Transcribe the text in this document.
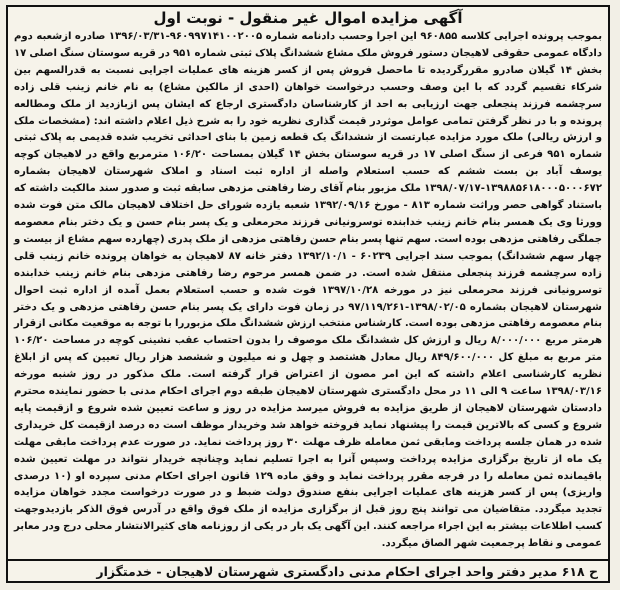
آگهی مزایده اموال غیر منقول - نوبت اول

بموجب پرونده اجرایی کلاسه ۹۶۰۸۵۵ این اجرا وحسب دادنامه شماره ۹۶۰۹۹۷۱۴۱۰۰۲۰۰۵-۱۳۹۶/۰۳/۳۱ صادره ازشعبه دوم دادگاه عمومی حقوقی لاهیجان دستور فروش ملک مشاع ششدانگ پلاک ثبتی شماره ۹۵۱ در قریه سوستان سنگ اصلی ۱۷ بخش ۱۴ گیلان صادرو مقررگردیده تا ماحصل فروش پس از کسر هزینه های عملیات اجرایی نسبت به قدرالسهم بین شرکاء تقسیم گردد که با این وصف وحسب درخواست خواهان (احدی از مالکین مشاع) به نام خانم زینب قلی زاده سرچشمه فرزند پنجعلی جهت ارزیابی به احد از کارشناسان دادگستری ارجاع که ایشان پس ازبازدید از ملک ومطالعه پرونده و با در نظر گرفتن تمامی عوامل موثردر قیمت گذاری نظریه خود را به شرح ذیل اعلام داشته اند: (مشخصات ملک و ارزش ریالی) ملک مورد مزایده عبارتست از ششدانگ یک قطعه زمین با بنای احداثی تخریب شده قدیمی به پلاک ثبتی شماره ۹۵۱ فرعی از سنگ اصلی ۱۷ در قریه سوستان بخش ۱۴ گیلان بمساحت ۱۰۶/۲۰ مترمربع واقع در لاهیجان کوچه یوسف آباد بن بست ششم که حسب استعلام واصله از اداره ثبت اسناد و املاک شهرستان لاهیجان بشماره ۱۳۹۸۸۵۶۱۸۰۰۰۵۰۰۰۶۷۲-۱۳۹۸/۰۷/۱۷ ملک مزبور بنام آقای رضا رفاهتی مزدهی سابقه ثبت و صدور سند مالکیت داشته که باستناد گواهی حصر وراثت شماره ۸۱۳ - مورخ ۱۳۹۲/۰۹/۱۶ شعبه یازده شورای حل اختلاف لاهیجان مالک متن فوت شده وورثا وی یک همسر بنام خانم زینب خدابنده توسرونیانی فرزند محرمعلی و یک پسر بنام حسن و یک دختر بنام معصومه جملگی رفاهتی مزدهی بوده است. سهم تنها پسر بنام حسن رفاهتی مزدهی از ملک پدری (چهارده سهم مشاع از بیست و چهار سهم ششدانگ) بموجب سند اجرایی ۶۰۲۳۹ - ۱۳۹۲/۱۰/۱ دفتر خانه ۸۷ لاهیجان به خواهان پرونده خانم زینب قلی زاده سرچشمه فرزند پنجعلی منتقل شده است. در ضمن همسر مرحوم رضا رفاهتی مزدهی بنام خانم زینب خدابنده توسرونیانی فرزند محرمعلی نیز در مورخه ۱۳۹۷/۱۰/۲۸ فوت شده و حسب استعلام بعمل آمده از اداره ثبت احوال شهرستان لاهیجان بشماره ۱۳۹۸/۰۲/۰۵-۹۷/۱۱۹/۲۶۱ در زمان فوت دارای یک پسر بنام حسن رفاهتی مزدهی و یک دختر بنام معصومه رفاهتی مزدهی بوده است. کارشناس منتخب ارزش ششدانگ ملک مزبوررا با توجه به موقعیت مکانی ازقرار هرمتر مربع ۸/۰۰۰/۰۰۰ ریال و ارزش کل ششدانگ ملک موصوف را بدون احتساب عقب نشینی کوچه در مساحت ۱۰۶/۲۰ متر مربع به مبلغ کل ۸۴۹/۶۰۰/۰۰۰ ریال معادل هشتصد و چهل و نه میلیون و ششصد هزار ریال تعیین که پس از ابلاغ نظریه کارشناسی اعلام داشته که این امر مصون از اعتراض قرار گرفته است. ملک مذکور در روز شنبه مورخه ۱۳۹۸/۰۳/۱۶ ساعت ۹ الی ۱۱ در محل دادگستری شهرستان لاهیجان طبقه دوم اجرای احکام مدنی با حضور نماینده محترم دادستان شهرستان لاهیجان از طریق مزایده به فروش میرسد مزایده در روز و ساعت تعیین شده شروع و ازقیمت پایه شروع و کسی که بالاترین قیمت را پیشنهاد نماید فروخته خواهد شد وخریدار موظف است ده درصد ازقیمت کل خریداری شده در همان جلسه پرداخت ومابقی ثمن معامله ظرف مهلت ۳۰ روز پرداخت نماید. در صورت عدم پرداخت مابقی مهلت یک ماه از تاریخ برگزاری مزایده پرداخت وسپس آنرا به اجرا تسلیم نماید وچنانچه خریدار نتواند در مهلت تعیین شده باقیمانده ثمن معامله را در فرجه مقرر پرداخت نماید و وفق ماده ۱۲۹ قانون اجرای احکام مدنی سپرده او (۱۰ درصدی واریزی) پس از کسر هزینه های عملیات اجرایی بنفع صندوق دولت ضبط و در صورت درخواست مجدد خواهان مزایده تجدید میگردد. متقاضیان می توانند پنج روز قبل از برگزاری مزایده از ملک فوق واقع در آدرس فوق الذکر بازدیدوجهت کسب اطلاعات بیشتر به این اجراء مراجعه کنند. این آگهی یک بار در یکی از روزنامه های کثیرالانتشار محلی درج ودر معابر عمومی و نقاط پرجمعیت شهر الصاق میگردد.

ح ۶۱۸ مدیر دفتر واحد اجرای احکام مدنی دادگستری شهرستان لاهیجان - خدمتگزار
